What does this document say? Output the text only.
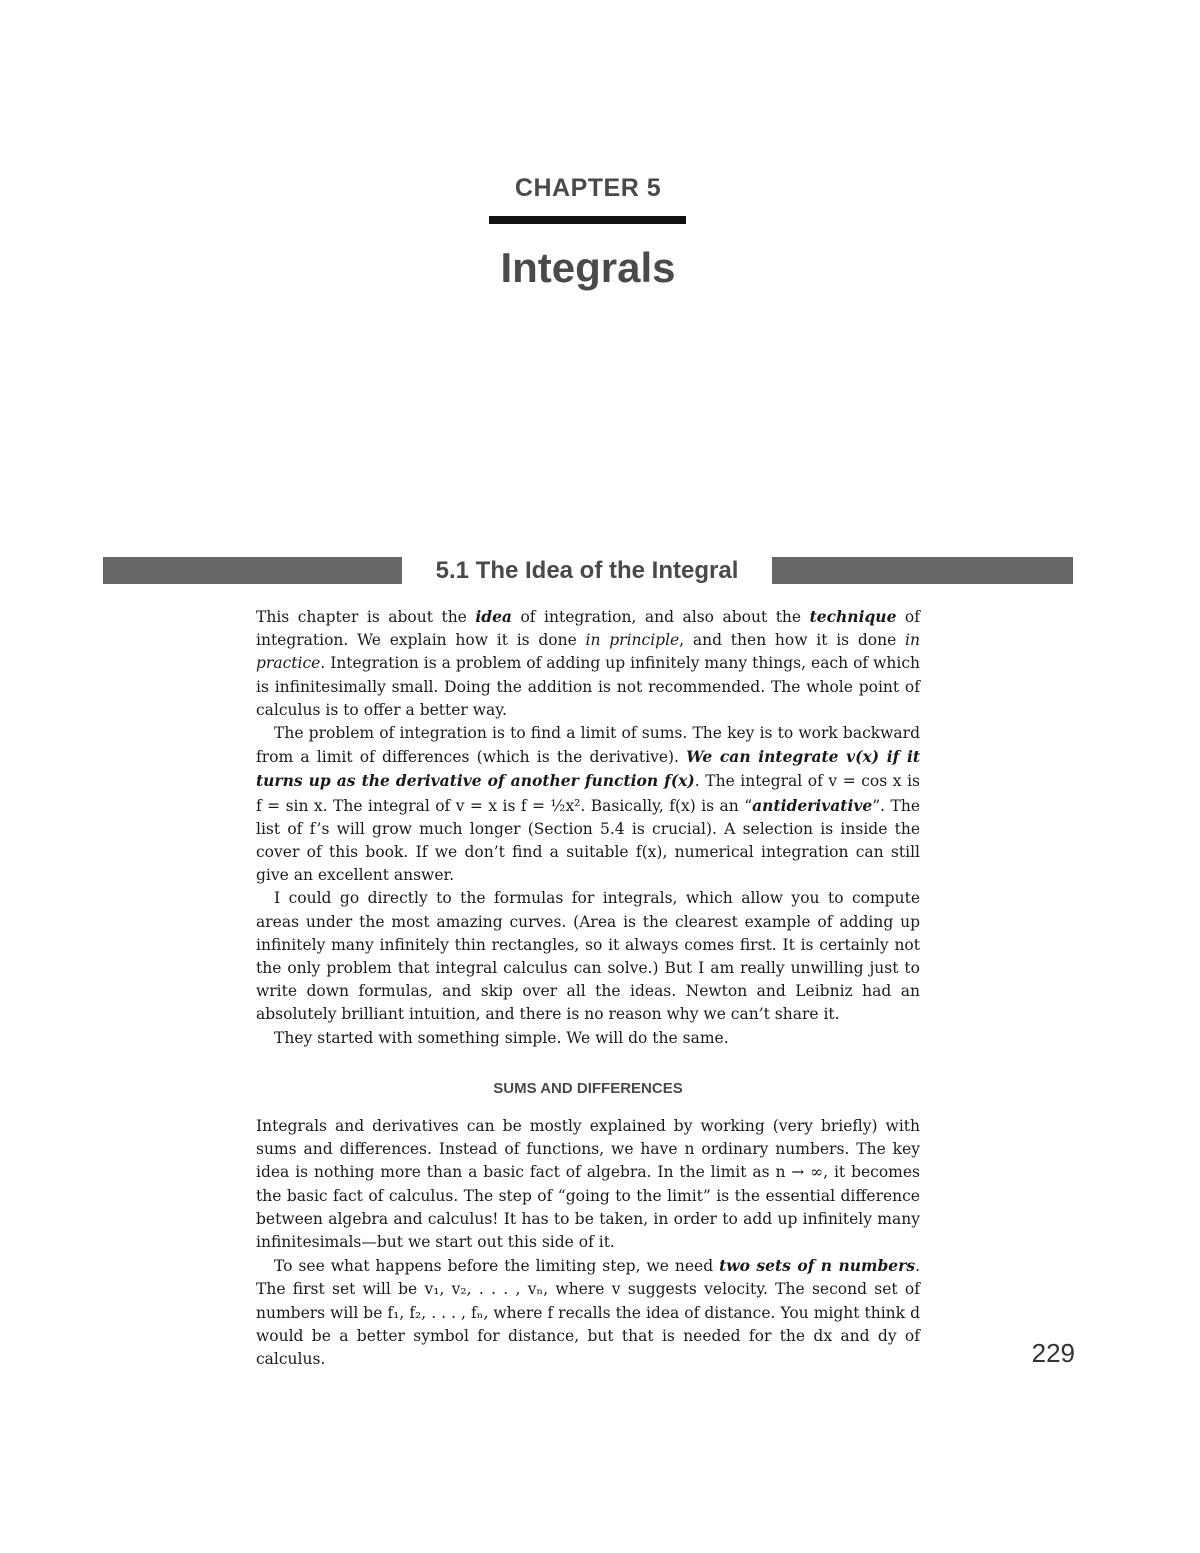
CHAPTER 5
Integrals
5.1 The Idea of the Integral

This chapter is about the idea of integration, and also about the technique of integration. We explain how it is done in principle, and then how it is done in practice. Integration is a problem of adding up infinitely many things, each of which is infinitesimally small. Doing the addition is not recommended. The whole point of calculus is to offer a better way.

The problem of integration is to find a limit of sums. The key is to work backward from a limit of differences (which is the derivative). We can integrate v(x) if it turns up as the derivative of another function f(x). The integral of v = cos x is f = sin x. The integral of v = x is f = ½x². Basically, f(x) is an “antiderivative”. The list of f’s will grow much longer (Section 5.4 is crucial). A selection is inside the cover of this book. If we don’t find a suitable f(x), numerical integration can still give an excellent answer.

I could go directly to the formulas for integrals, which allow you to compute areas under the most amazing curves. (Area is the clearest example of adding up infinitely many infinitely thin rectangles, so it always comes first. It is certainly not the only problem that integral calculus can solve.) But I am really unwilling just to write down formulas, and skip over all the ideas. Newton and Leibniz had an absolutely brilliant intuition, and there is no reason why we can’t share it.

They started with something simple. We will do the same.

SUMS AND DIFFERENCES

Integrals and derivatives can be mostly explained by working (very briefly) with sums and differences. Instead of functions, we have n ordinary numbers. The key idea is nothing more than a basic fact of algebra. In the limit as n → ∞, it becomes the basic fact of calculus. The step of “going to the limit” is the essential difference between algebra and calculus! It has to be taken, in order to add up infinitely many infinitesimals—but we start out this side of it.

To see what happens before the limiting step, we need two sets of n numbers. The first set will be v₁, v₂, . . . , vₙ, where v suggests velocity. The second set of numbers will be f₁, f₂, . . . , fₙ, where f recalls the idea of distance. You might think d would be a better symbol for distance, but that is needed for the dx and dy of calculus.	229
